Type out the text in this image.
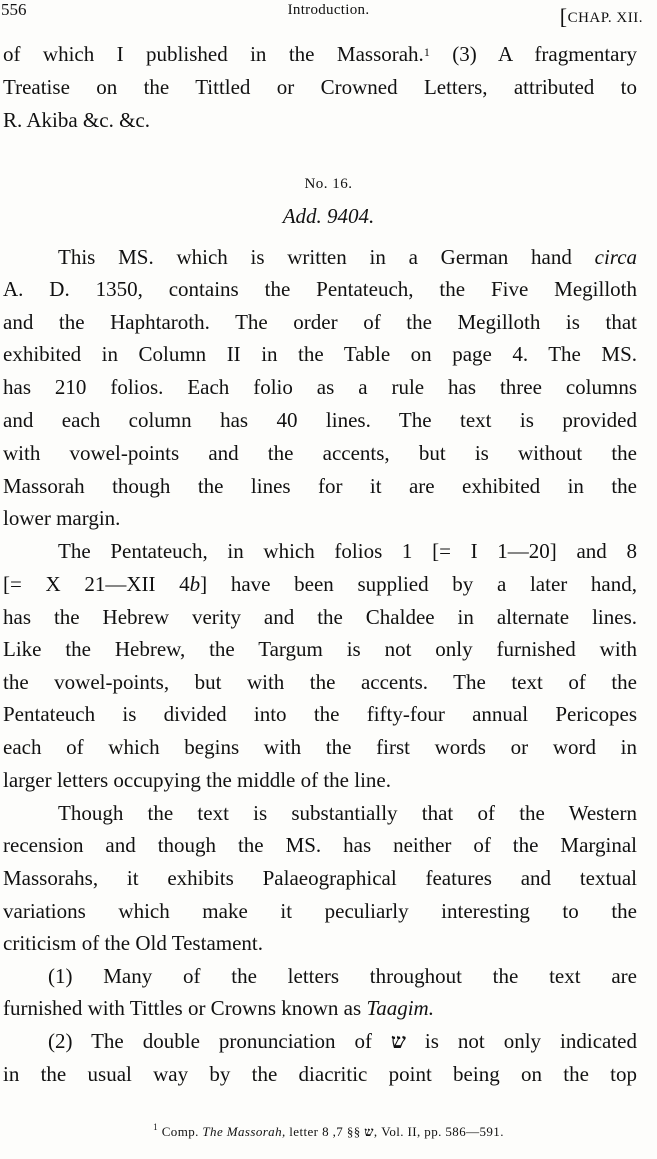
556	Introduction.	[CHAP. XII.
of which I published in the Massorah.$^1$ (3) A fragmentary
Treatise on the Tittled or Crowned Letters, attributed to
R. Akiba &c. &c.
No. 16.
Add. 9404.
This MS. which is written in a German hand circa
A. D. 1350, contains the Pentateuch, the Five Megilloth
and the Haphtaroth. The order of the Megilloth is that
exhibited in Column II in the Table on page 4. The MS.
has 210 folios. Each folio as a rule has three columns
and each column has 40 lines. The text is provided
with vowel-points and the accents, but is without the
Massorah though the lines for it are exhibited in the
lower margin.
The Pentateuch, in which folios 1 [= I 1—20] and 8
[= X 21—XII 4b] have been supplied by a later hand,
has the Hebrew verity and the Chaldee in alternate lines.
Like the Hebrew, the Targum is not only furnished with
the vowel-points, but with the accents. The text of the
Pentateuch is divided into the fifty-four annual Pericopes
each of which begins with the first words or word in
larger letters occupying the middle of the line.
Though the text is substantially that of the Western
recension and though the MS. has neither of the Marginal
Massorahs, it exhibits Palaeographical features and textual
variations which make it peculiarly interesting to the
criticism of the Old Testament.
(1) Many of the letters throughout the text are
furnished with Tittles or Crowns known as Taagim.
(2) The double pronunciation of ש is not only indicated
in the usual way by the diacritic point being on the top
$^1$ Comp. The Massorah, letter	ש §§ 7, 8, Vol. II, pp. 586—591.
